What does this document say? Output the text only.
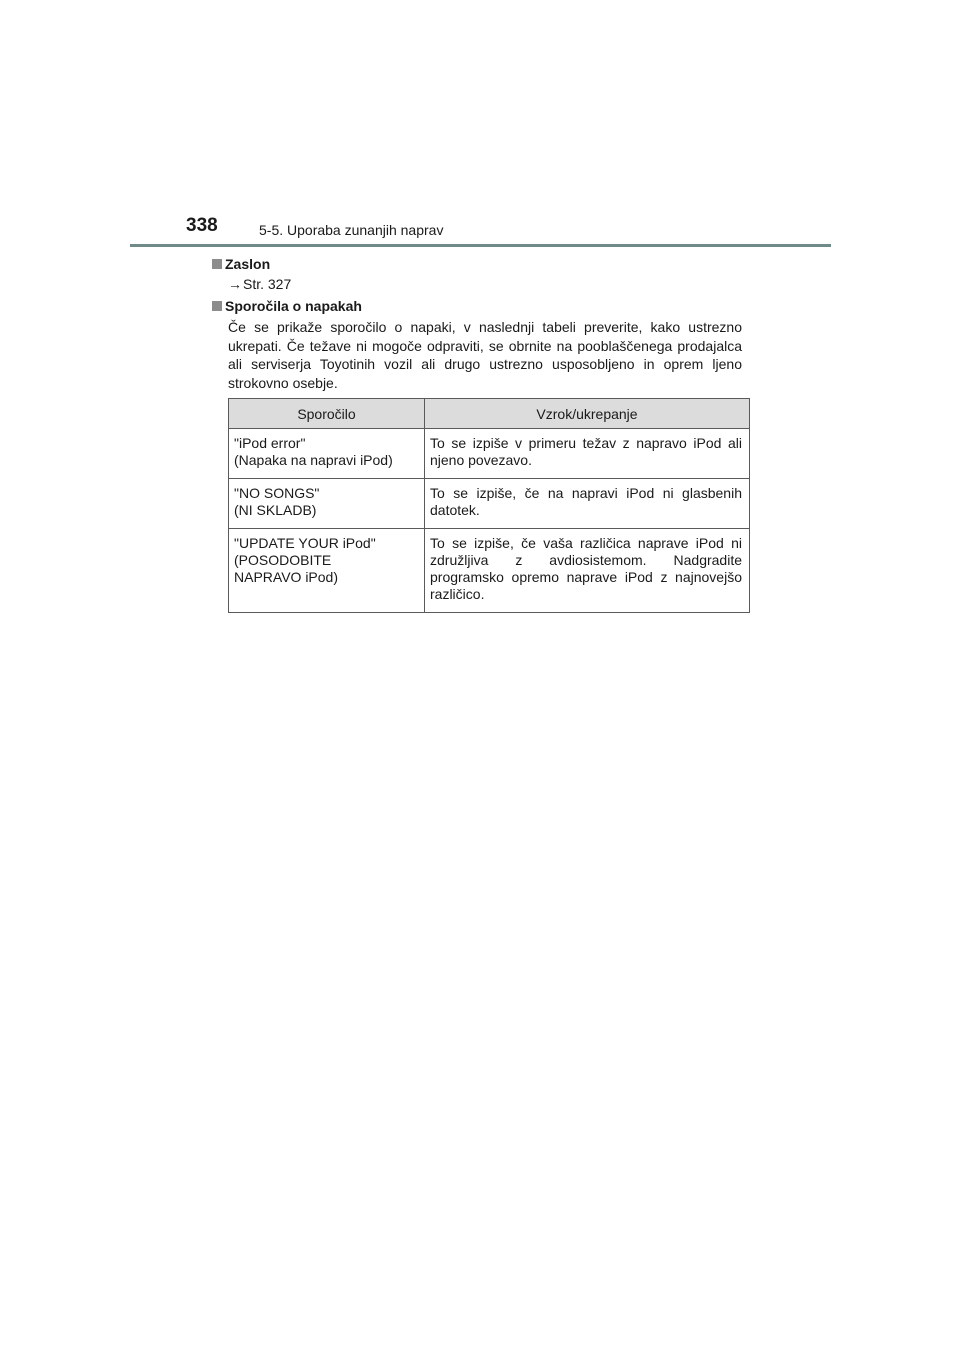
338	5-5. Uporaba zunanjih naprav
Zaslon
→Str. 327
Sporočila o napakah
Če se prikaže sporočilo o napaki, v naslednji tabeli preverite, kako ustrezno ukrepati. Če težave ni mogoče odpraviti, se obrnite na pooblaščenega prodajalca ali serviserja Toyotinih vozil ali drugo ustrezno usposobljeno in oprem ljeno strokovno osebje.
Sporočilo	Vzrok/ukrepanje

"iPod error"
(Napaka na napravi iPod)	To se izpiše v primeru težav z napravo iPod ali njeno povezavo.

"NO SONGS"
(NI SKLADB)	To se izpiše, če na napravi iPod ni glasbenih datotek.

"UPDATE YOUR iPod"
(POSODOBITE
NAPRAVO iPod)	To se izpiše, če vaša različica naprave iPod ni združljiva z avdiosistemom. Nadgradite programsko opremo naprave iPod z najnovejšo različico.
